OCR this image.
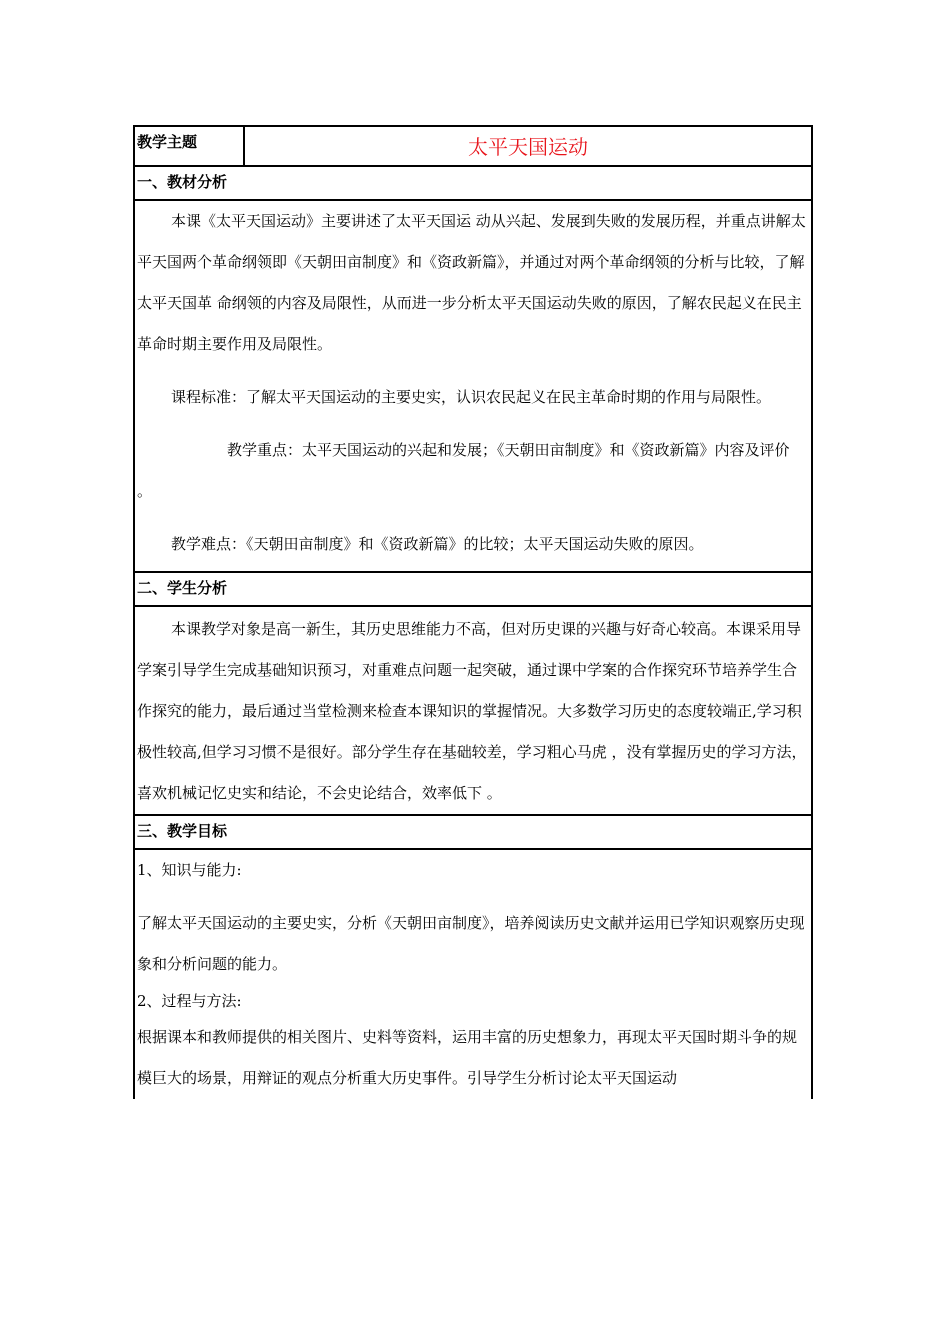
教学主题	太平天国运动
一、教材分析

本课《太平天国运动》主要讲述了太平天国运 动从兴起、发展到失败的发展历程，并重点讲解太平天国两个革命纲领即《天朝田亩制度》和《资政新篇》，并通过对两个革命纲领的分析与比较，了解太平天国革 命纲领的内容及局限性，从而进一步分析太平天国运动失败的原因，了解农民起义在民主革命时期主要作用及局限性。

课程标准：了解太平天国运动的主要史实，认识农民起义在民主革命时期的作用与局限性。

教学重点：太平天国运动的兴起和发展；《天朝田亩制度》和《资政新篇》内容及评价 。

教学难点：《天朝田亩制度》和《资政新篇》的比较；太平天国运动失败的原因。

二、学生分析

本课教学对象是高一新生，其历史思维能力不高，但对历史课的兴趣与好奇心较高。本课采用导学案引导学生完成基础知识预习，对重难点问题一起突破，通过课中学案的合作探究环节培养学生合作探究的能力，最后通过当堂检测来检查本课知识的掌握情况。大多数学习历史的态度较端正,学习积极性较高,但学习习惯不是很好。部分学生存在基础较差，学习粗心马虎 ，没有掌握历史的学习方法，喜欢机械记忆史实和结论，不会史论结合，效率低下 。

三、教学目标

1、知识与能力:

了解太平天国运动的主要史实，分析《天朝田亩制度》，培养阅读历史文献并运用已学知识观察历史现象和分析问题的能力。

2、过程与方法:

根据课本和教师提供的相关图片、史料等资料，运用丰富的历史想象力，再现太平天国时期斗争的规模巨大的场景，用辩证的观点分析重大历史事件。引导学生分析讨论太平天国运动
